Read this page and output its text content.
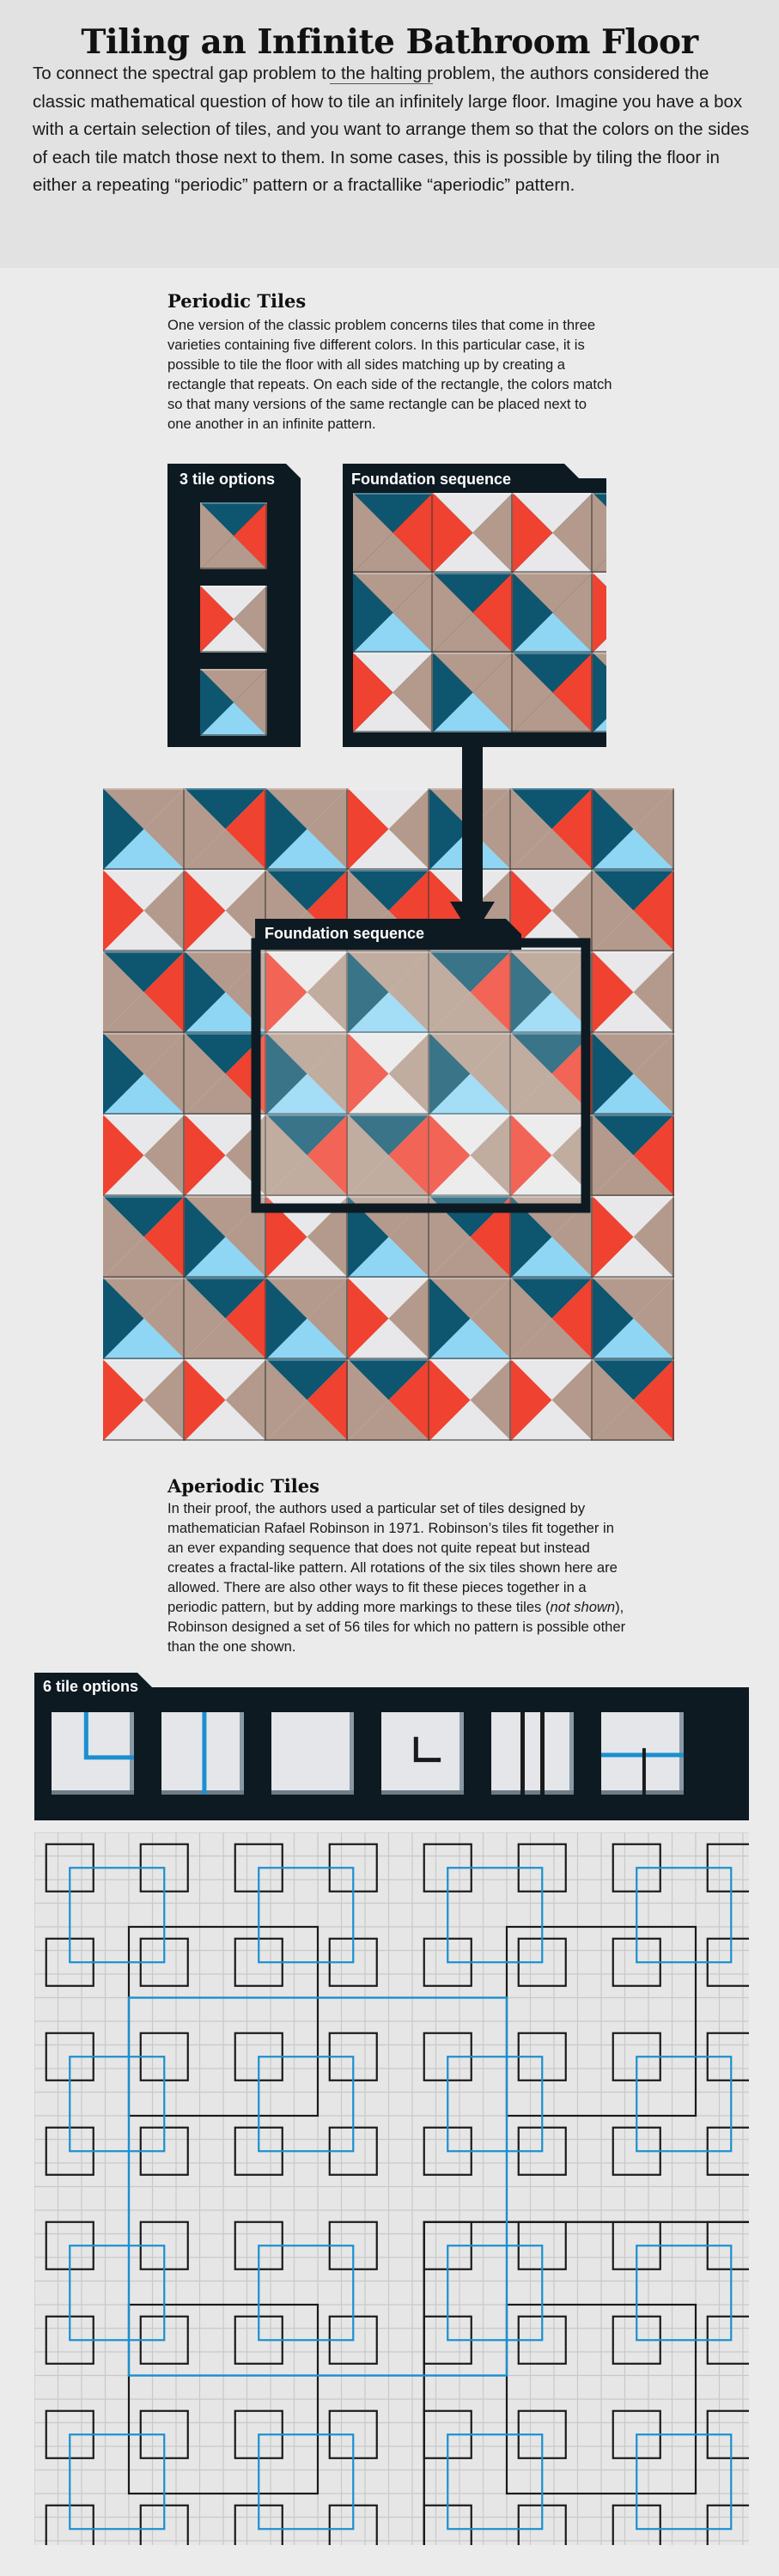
Tiling an Infinite Bathroom Floor

To connect the spectral gap problem to the halting problem, the authors considered the classic mathematical question of how to tile an infinitely large floor. Imagine you have a box with a certain selection of tiles, and you want to arrange them so that the colors on the sides of each tile match those next to them. In some cases, this is possible by tiling the floor in either a repeating “periodic” pattern or a fractallike “aperiodic” pattern.

Periodic Tiles

One version of the classic problem concerns tiles that come in three varieties containing five different colors. In this particular case, it is possible to tile the floor with all sides matching up by creating a rectangle that repeats. On each side of the rectangle, the colors match so that many versions of the same rectangle can be placed next to one another in an infinite pattern.

3 tile options	Foundation sequence
Foundation sequence
Aperiodic Tiles

In their proof, the authors used a particular set of tiles designed by mathematician Rafael Robinson in 1971. Robinson’s tiles fit together in an ever expanding sequence that does not quite repeat but instead creates a fractal-like pattern. All rotations of the six tiles shown here are allowed. There are also other ways to fit these pieces together in a periodic pattern, but by adding more markings to these tiles (not shown), Robinson designed a set of 56 tiles for which no pattern is possible other than the one shown.

6 tile options
